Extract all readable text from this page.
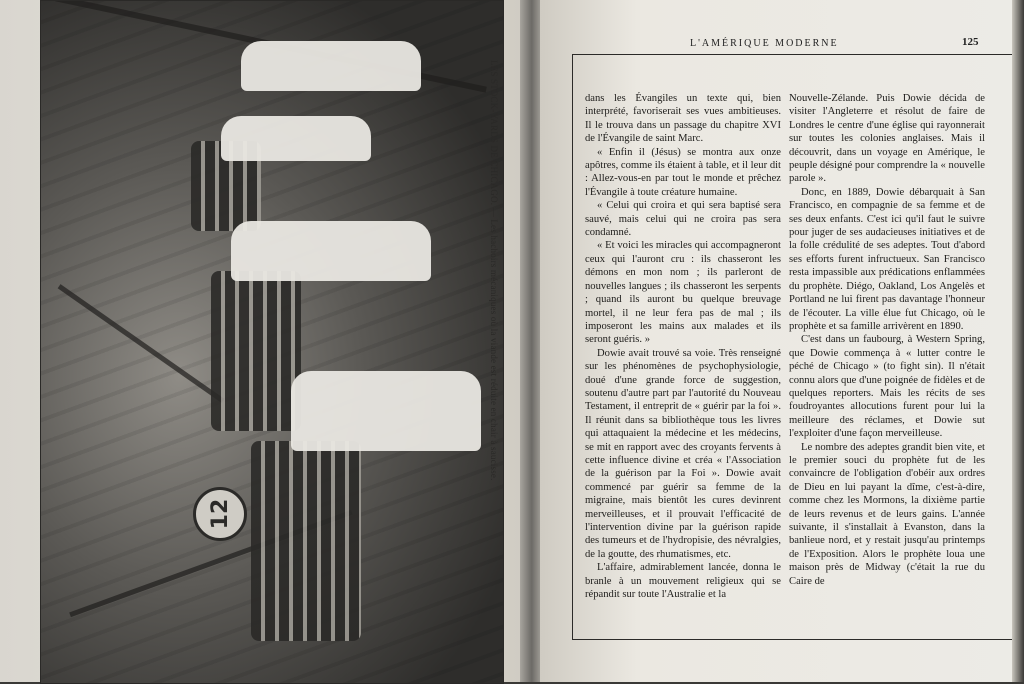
12
LES STOCK-YARDS DE CHICAGO. — Les hachoirs mécaniques où la viande est réduite en chair à saucisse.
L'AMÉRIQUE MODERNE	125

dans les Évangiles un texte qui, bien interprété, favoriserait ses vues ambitieuses. Il le trouva dans un passage du chapitre XVI de l'Évangile de saint Marc.

« Enfin il (Jésus) se montra aux onze apôtres, comme ils étaient à table, et il leur dit : Allez-vous-en par tout le monde et prêchez l'Évangile à toute créature humaine.

« Celui qui croira et qui sera baptisé sera sauvé, mais celui qui ne croira pas sera condamné.

« Et voici les miracles qui accompagneront ceux qui l'auront cru : ils chasseront les démons en mon nom ; ils parleront de nouvelles langues ; ils chasseront les serpents ; quand ils auront bu quelque breuvage mortel, il ne leur fera pas de mal ; ils imposeront les mains aux malades et ils seront guéris. »

Dowie avait trouvé sa voie. Très renseigné sur les phénomènes de psychophysiologie, doué d'une grande force de suggestion, soutenu d'autre part par l'autorité du Nouveau Testament, il entreprit de « guérir par la foi ». Il réunit dans sa bibliothèque tous les livres qui attaquaient la médecine et les médecins, se mit en rapport avec des croyants fervents à cette influence divine et créa « l'Association de la guérison par la Foi ». Dowie avait commencé par guérir sa femme de la migraine, mais bientôt les cures devinrent merveilleuses, et il prouvait l'efficacité de l'intervention divine par la guérison rapide des tumeurs et de l'hydropisie, des névralgies, de la goutte, des rhumatismes, etc.

L'affaire, admirablement lancée, donna le branle à un mouvement religieux qui se répandit sur toute l'Australie et la

Nouvelle-Zélande. Puis Dowie décida de visiter l'Angleterre et résolut de faire de Londres le centre d'une église qui rayonnerait sur toutes les colonies anglaises. Mais il découvrit, dans un voyage en Amérique, le peuple désigné pour comprendre la « nouvelle parole ».

Donc, en 1889, Dowie débarquait à San Francisco, en compagnie de sa femme et de ses deux enfants. C'est ici qu'il faut le suivre pour juger de ses audacieuses initiatives et de la folle crédulité de ses adeptes. Tout d'abord ses efforts furent infructueux. San Francisco resta impassible aux prédications enflammées du prophète. Diégo, Oakland, Los Angelès et Portland ne lui firent pas davantage l'honneur de l'écouter. La ville élue fut Chicago, où le prophète et sa famille arrivèrent en 1890.

C'est dans un faubourg, à Western Spring, que Dowie commença à « lutter contre le péché de Chicago » (to fight sin). Il n'était connu alors que d'une poignée de fidèles et de quelques reporters. Mais les récits de ses foudroyantes allocutions furent pour lui la meilleure des réclames, et Dowie sut l'exploiter d'une façon merveilleuse.

Le nombre des adeptes grandit bien vite, et le premier souci du prophète fut de les convaincre de l'obligation d'obéir aux ordres de Dieu en lui payant la dîme, c'est-à-dire, comme chez les Mormons, la dixième partie de leurs revenus et de leurs gains. L'année suivante, il s'installait à Evanston, dans la banlieue nord, et y restait jusqu'au printemps de l'Exposition. Alors le prophète loua une maison près de Midway (c'était la rue du Caire de
